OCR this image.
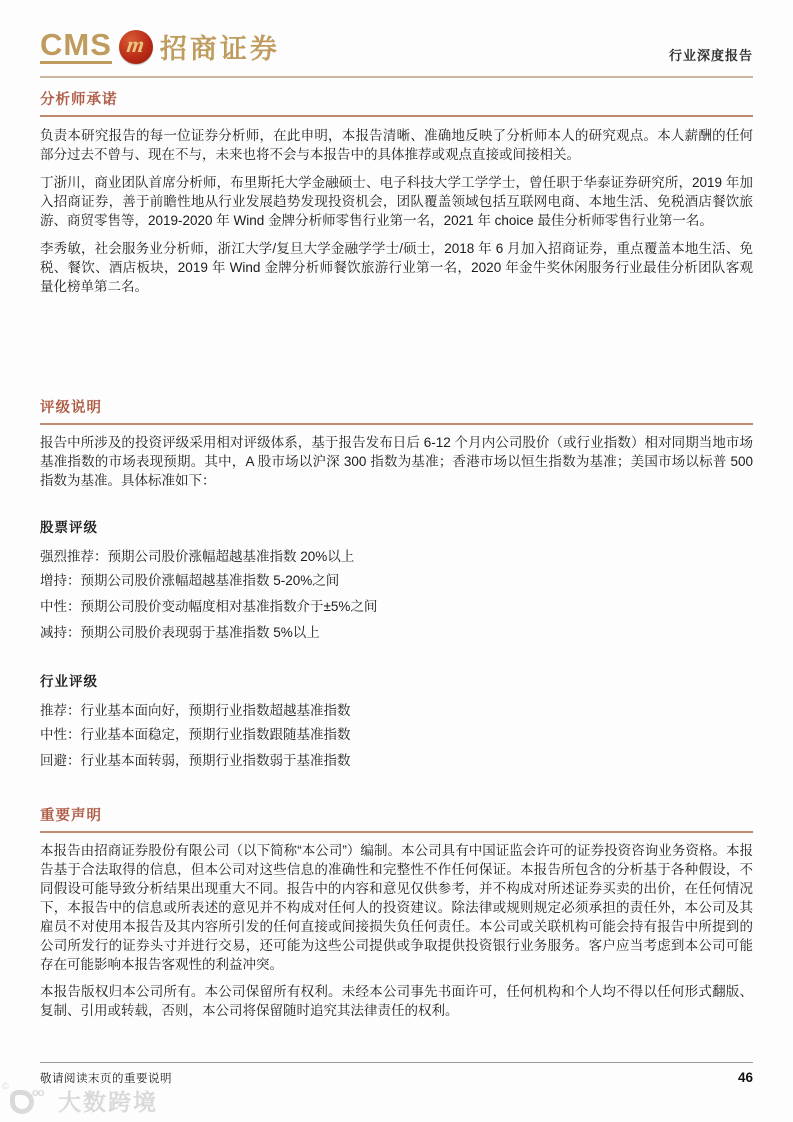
CMS m 招商证券	行业深度报告
分析师承诺

负责本研究报告的每一位证券分析师，在此申明，本报告清晰、准确地反映了分析师本人的研究观点。本人薪酬的任何部分过去不曾与、现在不与，未来也将不会与本报告中的具体推荐或观点直接或间接相关。

丁浙川，商业团队首席分析师，布里斯托大学金融硕士、电子科技大学工学学士，曾任职于华泰证券研究所，2019 年加入招商证券，善于前瞻性地从行业发展趋势发现投资机会，团队覆盖领域包括互联网电商、本地生活、免税酒店餐饮旅游、商贸零售等，2019-2020 年 Wind 金牌分析师零售行业第一名，2021 年 choice 最佳分析师零售行业第一名。

李秀敏，社会服务业分析师，浙江大学/复旦大学金融学学士/硕士，2018 年 6 月加入招商证券，重点覆盖本地生活、免税、餐饮、酒店板块，2019 年 Wind 金牌分析师餐饮旅游行业第一名，2020 年金牛奖休闲服务行业最佳分析团队客观量化榜单第二名。

评级说明

报告中所涉及的投资评级采用相对评级体系，基于报告发布日后 6-12 个月内公司股价（或行业指数）相对同期当地市场基准指数的市场表现预期。其中，A 股市场以沪深 300 指数为基准；香港市场以恒生指数为基准；美国市场以标普 500 指数为基准。具体标准如下：

股票评级
强烈推荐：预期公司股价涨幅超越基准指数 20%以上
增持：预期公司股价涨幅超越基准指数 5-20%之间
中性：预期公司股价变动幅度相对基准指数介于±5%之间
减持：预期公司股价表现弱于基准指数 5%以上
行业评级
推荐：行业基本面向好，预期行业指数超越基准指数
中性：行业基本面稳定，预期行业指数跟随基准指数
回避：行业基本面转弱，预期行业指数弱于基准指数
重要声明

本报告由招商证券股份有限公司（以下简称“本公司”）编制。本公司具有中国证监会许可的证券投资咨询业务资格。本报告基于合法取得的信息，但本公司对这些信息的准确性和完整性不作任何保证。本报告所包含的分析基于各种假设，不同假设可能导致分析结果出现重大不同。报告中的内容和意见仅供参考，并不构成对所述证券买卖的出价，在任何情况下，本报告中的信息或所表述的意见并不构成对任何人的投资建议。除法律或规则规定必须承担的责任外，本公司及其雇员不对使用本报告及其内容所引发的任何直接或间接损失负任何责任。本公司或关联机构可能会持有报告中所提到的公司所发行的证券头寸并进行交易，还可能为这些公司提供或争取提供投资银行业务服务。客户应当考虑到本公司可能存在可能影响本报告客观性的利益冲突。

本报告版权归本公司所有。本公司保留所有权利。未经本公司事先书面许可，任何机构和个人均不得以任何形式翻版、复制、引用或转载，否则，本公司将保留随时追究其法律责任的权利。

敬请阅读末页的重要说明	46
©
oo 大数跨境
